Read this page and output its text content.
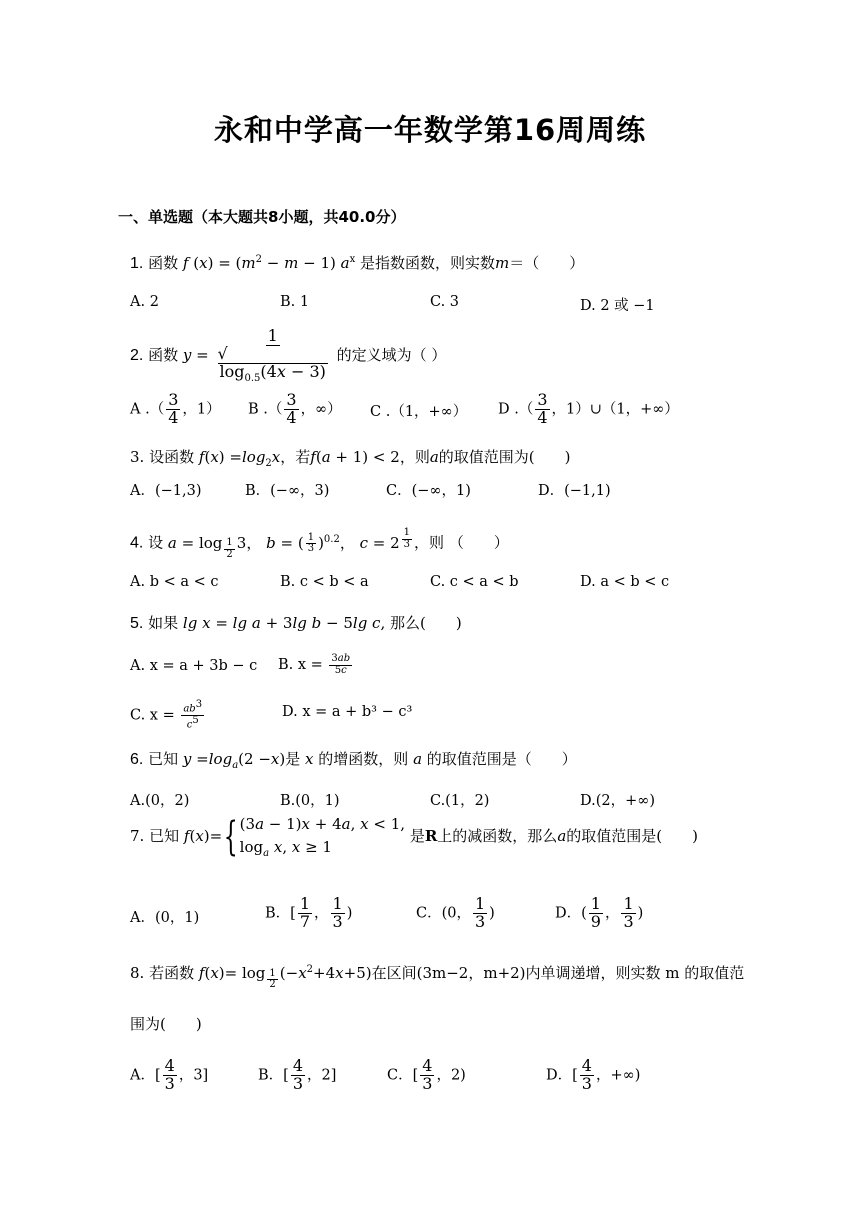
永和中学高一年数学第16周周练
一、单选题（本大题共8小题，共40.0分）
1. 函数 f $(x) = (m^2 - m - 1)$ $a^x$ 是指数函数，则实数m＝（　　）
A. 2	B. 1	C. 3	D. 2 或 −1
2. 函数 y = 1
√
$\log_{0.5}(4x - 3)$ 的定义域为（ ）
A .（ $\frac{3}{4}$ ，1） B .（ $\frac{3}{4}$ ，∞） C .（1，+∞） D .（ $\frac{3}{4}$ ，1）∪（1，+∞）
3. 设函数 $f(x) =\log_2x$，若f(a + 1) < 2，则a的取值范围为(　　)
A．(−1,3)	B．(−∞，3)	C．(−∞，1)	D．(−1,1)
4. 设 a = log $_{\frac{1}{2}}$ 3， b = ( $\frac{1}{3} )^{0.2}$， c = 2 $^{\frac{1}{3}}$ ，则 （　　）
A. b < a < c	B. c < b < a	C. c < a < b	D. a < b < c
5. 如果 lg x = lg a + 3lg b − 5lg c, 那么(　　)
A. x = a + 3b − c B. $x = \frac{3ab}{5c}$
C. $x = \frac{ab^3}{c^5}$	D. x = a + b³ − c³
6. 已知 $y =\log_a(2 -x)$是 x 的增函数，则 a 的取值范围是（　　）
A.(0，2)	B.(0，1)	C.(1，2)	D.(2，+∞)
7. 已知 f(x)={ (3a − 1)x + 4a, x < 1,
$\log_a x$, x ≥ 1
是R上的减函数，那么a的取值范围是(　　)
A．(0，1)	B．[ $\frac{1}{7}$ ， $\frac{1}{3}$ )	C．(0， $\frac{1}{3}$ )	D．( $\frac{1}{9}$ ， $\frac{1}{3}$ )
8. 若函数 f(x)= log $_{\frac{1}{2}}$ $(-x^2+4x+5)$在区间(3m−2，m+2)内单调递增，则实数 m 的取值范
围为(　　)
A．[ $\frac{4}{3}$ ，3]	B．[ $\frac{4}{3}$ ，2]	C．[ $\frac{4}{3}$ ，2)	D．[ $\frac{4}{3}$ ，+∞)
